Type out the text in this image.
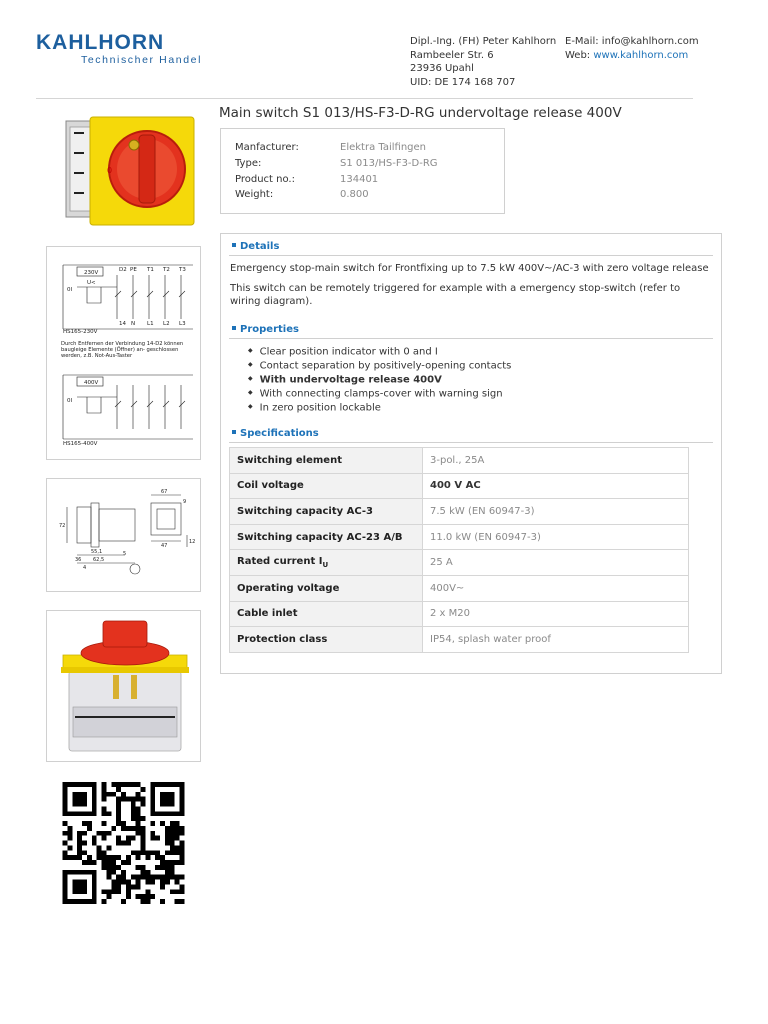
KAHLHORN
Technischer Handel
Dipl.-Ing. (FH) Peter Kahlhorn
Rambeeler Str. 6
23936 Upahl
UID: DE 174 168 707
E-Mail: info@kahlhorn.com
Web: www.kahlhorn.com
Main switch S1 013/HS-F3-D-RG undervoltage release 400V
Manfacturer:	Elektra Tailfingen
Type:	S1 013/HS-F3-D-RG
Product no.:	134401
Weight:	0.800
0
230V	D2 PE T1 T2 T3
0I
U<
14 N L1 L2 L3
HS165-230V
400V
0I
HS165-400V
Durch Entfernen der Verbindung 14-D2 können baugleige Elemente (Öffner) an- geschlossen werden, z.B. Not-Aus-Taster
72
67
9
47
12
55,1
62,5
36
4
5
Details
Emergency stop-main switch for Frontfixing up to 7.5 kW 400V~/AC-3 with zero voltage release
This switch can be remotely triggered for example with a emergency stop-switch (refer to wiring diagram).
Properties
◆ Clear position indicator with 0 and I
◆ Contact separation by positively-opening contacts
◆ With undervoltage release 400V
◆ With connecting clamps-cover with warning sign
◆ In zero position lockable
Specifications
Switching element	3-pol., 25A
Coil voltage	400 V AC
Switching capacity AC-3	7.5 kW (EN 60947-3)
Switching capacity AC-23 A/B	11.0 kW (EN 60947-3)
Rated current $I_U$	25 A
Operating voltage	400V~
Cable inlet	2 x M20
Protection class	IP54, splash water proof
